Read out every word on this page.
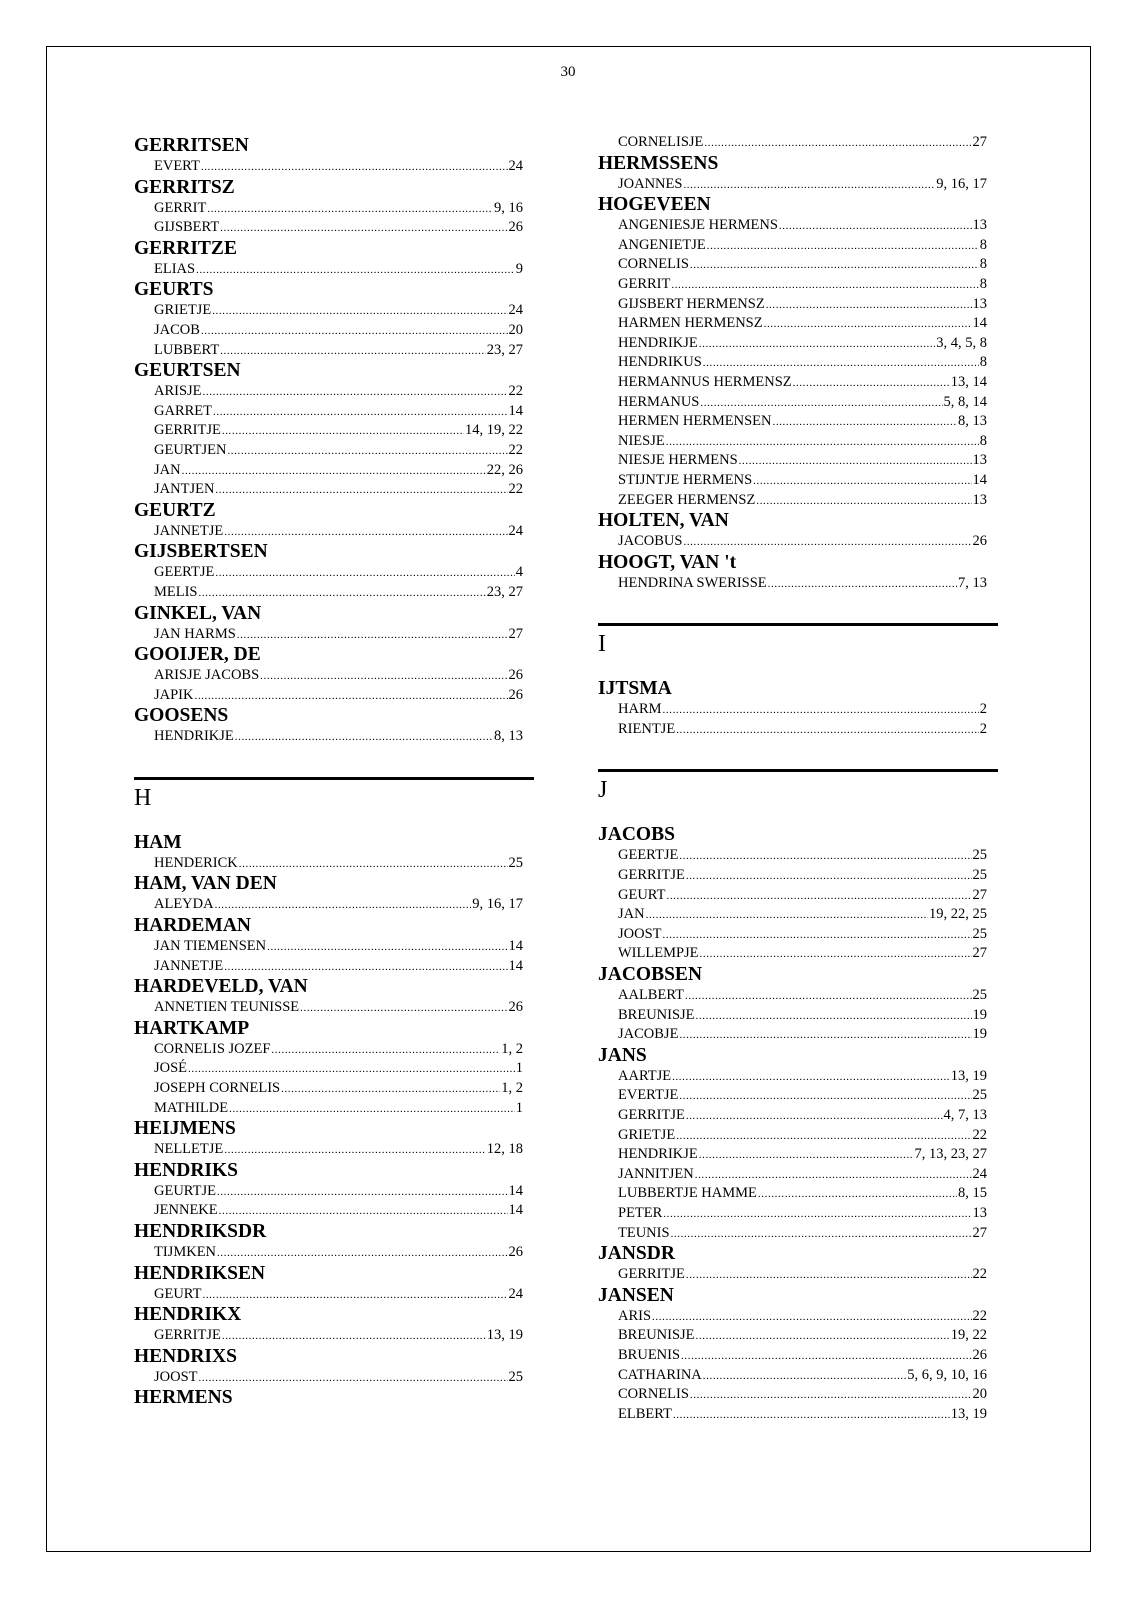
30
GERRITSEN
EVERT .....	24
GERRITSZ
GERRIT .....	9, 16
GIJSBERT .....	26
GERRITZE
ELIAS .....	9
GEURTS
GRIETJE .....	24
JACOB .....	20
LUBBERT .....	23, 27
GEURTSEN
ARISJE .....	22
GARRET .....	14
GERRITJE .....	14, 19, 22
GEURTJEN .....	22
JAN .....	22, 26
JANTJEN .....	22
GEURTZ
JANNETJE .....	24
GIJSBERTSEN
GEERTJE .....	4
MELIS .....	23, 27
GINKEL, VAN
JAN HARMS .....	27
GOOIJER, DE
ARISJE JACOBS .....	26
JAPIK .....	26
GOOSENS
HENDRIKJE .....	8, 13
H
HAM
HENDERICK .....	25
HAM, VAN DEN
ALEYDA .....	9, 16, 17
HARDEMAN
JAN TIEMENSEN .....	14
JANNETJE .....	14
HARDEVELD, VAN
ANNETIEN TEUNISSE .....	26
HARTKAMP
CORNELIS JOZEF .....	1, 2
JOSÉ .....	1
JOSEPH CORNELIS .....	1, 2
MATHILDE .....	1
HEIJMENS
NELLETJE .....	12, 18
HENDRIKS
GEURTJE .....	14
JENNEKE .....	14
HENDRIKSDR
TIJMKEN .....	26
HENDRIKSEN
GEURT .....	24
HENDRIKX
GERRITJE .....	13, 19
HENDRIXS
JOOST .....	25
HERMENS
CORNELISJE .....	27
HERMSSENS
JOANNES .....	9, 16, 17
HOGEVEEN
ANGENIESJE HERMENS .....	13
ANGENIETJE .....	8
CORNELIS .....	8
GERRIT .....	8
GIJSBERT HERMENSZ .....	13
HARMEN HERMENSZ .....	14
HENDRIKJE .....	3, 4, 5, 8
HENDRIKUS .....	8
HERMANNUS HERMENSZ .....	13, 14
HERMANUS .....	5, 8, 14
HERMEN HERMENSEN .....	8, 13
NIESJE .....	8
NIESJE HERMENS .....	13
STIJNTJE HERMENS .....	14
ZEEGER HERMENSZ .....	13
HOLTEN, VAN
JACOBUS .....	26
HOOGT, VAN 't
HENDRINA SWERISSE .....	7, 13
I
IJTSMA
HARM .....	2
RIENTJE .....	2
J
JACOBS
GEERTJE .....	25
GERRITJE .....	25
GEURT .....	27
JAN .....	19, 22, 25
JOOST .....	25
WILLEMPJE .....	27
JACOBSEN
AALBERT .....	25
BREUNISJE .....	19
JACOBJE .....	19
JANS
AARTJE .....	13, 19
EVERTJE .....	25
GERRITJE .....	4, 7, 13
GRIETJE .....	22
HENDRIKJE .....	7, 13, 23, 27
JANNITJEN .....	24
LUBBERTJE HAMME .....	8, 15
PETER .....	13
TEUNIS .....	27
JANSDR
GERRITJE .....	22
JANSEN
ARIS .....	22
BREUNISJE .....	19, 22
BRUENIS .....	26
CATHARINA .....	5, 6, 9, 10, 16
CORNELIS .....	20
ELBERT .....	13, 19
